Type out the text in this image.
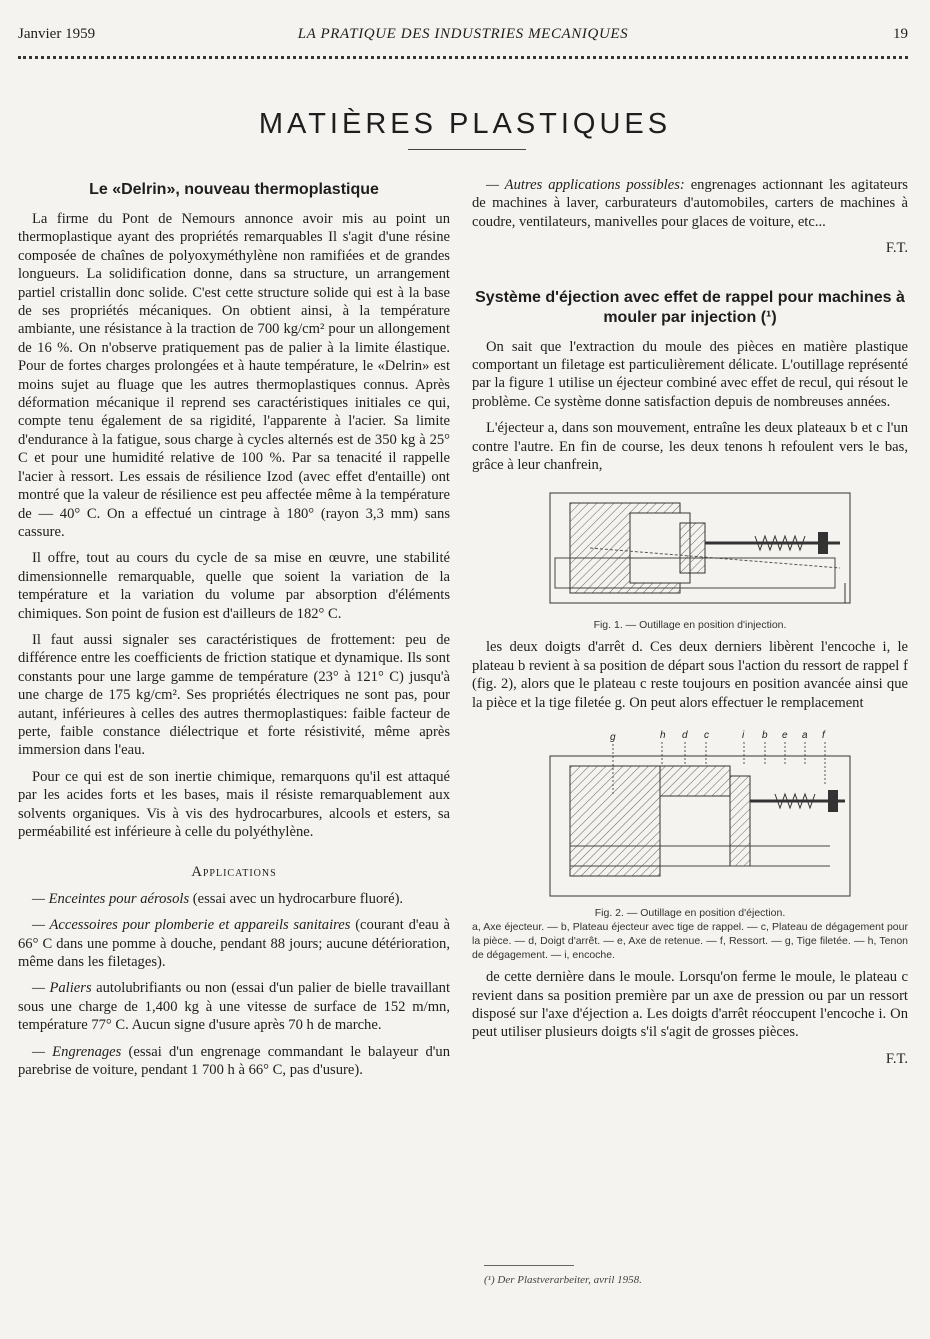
Janvier 1959	LA PRATIQUE DES INDUSTRIES MECANIQUES	19
MATIÈRES PLASTIQUES
Le «Delrin», nouveau thermoplastique

La firme du Pont de Nemours annonce avoir mis au point un thermoplastique ayant des propriétés remarquables Il s'agit d'une résine composée de chaînes de polyoxyméthylène non ramifiées et de grandes longueurs. La solidification donne, dans sa structure, un arrangement partiel cristallin donc solide. C'est cette structure solide qui est à la base de ses propriétés mécaniques. On obtient ainsi, à la température ambiante, une résistance à la traction de 700 kg/cm² pour un allongement de 16 %. On n'observe pratiquement pas de palier à la limite élastique. Pour de fortes charges prolongées et à haute température, le «Delrin» est moins sujet au fluage que les autres thermoplastiques connus. Après déformation mécanique il reprend ses caractéristiques initiales ce qui, compte tenu également de sa rigidité, l'apparente à l'acier. Sa limite d'endurance à la fatigue, sous charge à cycles alternés est de 350 kg à 25° C et pour une humidité relative de 100 %. Par sa tenacité il rappelle l'acier à ressort. Les essais de résilience Izod (avec effet d'entaille) ont montré que la valeur de résilience est peu affectée même à la température de — 40° C. On a effectué un cintrage à 180° (rayon 3,3 mm) sans cassure.

Il offre, tout au cours du cycle de sa mise en œuvre, une stabilité dimensionnelle remarquable, quelle que soient la variation de la température et la variation du volume par absorption d'éléments chimiques. Son point de fusion est d'ailleurs de 182° C.

Il faut aussi signaler ses caractéristiques de frottement: peu de différence entre les coefficients de friction statique et dynamique. Ils sont constants pour une large gamme de température (23° à 121° C) jusqu'à une charge de 175 kg/cm². Ses propriétés électriques ne sont pas, pour autant, inférieures à celles des autres thermoplastiques: faible facteur de perte, faible constance diélectrique et forte résistivité, même après immersion dans l'eau.

Pour ce qui est de son inertie chimique, remarquons qu'il est attaqué par les acides forts et les bases, mais il résiste remarquablement aux solvents organiques. Vis à vis des hydrocarbures, alcools et esters, sa perméabilité est inférieure à celle du polyéthylène.

Applications

— Enceintes pour aérosols (essai avec un hydrocarbure fluoré).

— Accessoires pour plomberie et appareils sanitaires (courant d'eau à 66° C dans une pomme à douche, pendant 88 jours; aucune détérioration, même dans les filetages).

— Paliers autolubrifiants ou non (essai d'un palier de bielle travaillant sous une charge de 1,400 kg à une vitesse de surface de 152 m/mn, température 77° C. Aucun signe d'usure après 70 h de marche.

— Engrenages (essai d'un engrenage commandant le balayeur d'un parebrise de voiture, pendant 1 700 h à 66° C, pas d'usure).

— Autres applications possibles: engrenages actionnant les agitateurs de machines à laver, carburateurs d'automobiles, carters de machines à coudre, ventilateurs, manivelles pour glaces de voiture, etc...

F.T.
Système d'éjection avec effet de rappel pour machines à mouler par injection (¹)

On sait que l'extraction du moule des pièces en matière plastique comportant un filetage est particulièrement délicate. L'outillage représenté par la figure 1 utilise un éjecteur combiné avec effet de recul, qui résout le problème. Ce système donne satisfaction depuis de nombreuses années.

L'éjecteur a, dans son mouvement, entraîne les deux plateaux b et c l'un contre l'autre. En fin de course, les deux tenons h refoulent vers le bas, grâce à leur chanfrein,

Fig. 1. — Outillage en position d'injection.

les deux doigts d'arrêt d. Ces deux derniers libèrent l'encoche i, le plateau b revient à sa position de départ sous l'action du ressort de rappel f (fig. 2), alors que le plateau c reste toujours en position avancée ainsi que la pièce et la tige filetée g. On peut alors effectuer le remplacement

g	h d c	i b e a f
Fig. 2. — Outillage en position d'éjection.
a, Axe éjecteur. — b, Plateau éjecteur avec tige de rappel. — c, Plateau de dégagement pour la pièce. — d, Doigt d'arrêt. — e, Axe de retenue. — f, Ressort. — g, Tige filetée. — h, Tenon de dégagement. — i, encoche.

de cette dernière dans le moule. Lorsqu'on ferme le moule, le plateau c revient dans sa position première par un axe de pression ou par un ressort disposé sur l'axe d'éjection a. Les doigts d'arrêt réoccupent l'encoche i. On peut utiliser plusieurs doigts s'il s'agit de grosses pièces.

F.T.
(¹) Der Plastverarbeiter, avril 1958.
